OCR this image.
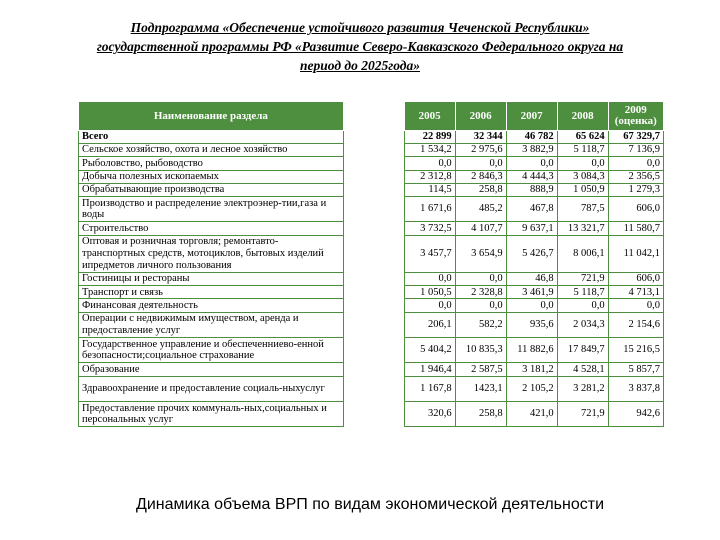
Подпрограмма «Обеспечение устойчивого развития Чеченской Республики»
государственной программы РФ «Развитие Северо-Кавказского Федерального округа на
период до 2025года»
Наименование раздела		2005	2006	2007	2008	2009
(оценка)
Всего		22 899	32 344	46 782	65 624	67 329,7
Сельское хозяйство, охота и лесное хозяйство		1 534,2	2 975,6	3 882,9	5 118,7	7 136,9
Рыболовство, рыбоводство		0,0	0,0	0,0	0,0	0,0
Добыча полезных ископаемых		2 312,8	2 846,3	4 444,3	3 084,3	2 356,5
Обрабатывающие производства		114,5	258,8	888,9	1 050,9	1 279,3
Производство и распределение электроэнер-тии,газа и воды		1 671,6	485,2	467,8	787,5	606,0
Строительство		3 732,5	4 107,7	9 637,1	13 321,7	11 580,7
Оптовая и розничная торговля; ремонтавто-транспортных средств, мотоциклов, бытовых изделий ипредметов личного пользования		3 457,7	3 654,9	5 426,7	8 006,1	11 042,1
Гостиницы и рестораны		0,0	0,0	46,8	721,9	606,0
Транспорт и связь		1 050,5	2 328,8	3 461,9	5 118,7	4 713,1
Финансовая деятельность		0,0	0,0	0,0	0,0	0,0
Операции с недвижимым имуществом, аренда и предоставление услуг		206,1	582,2	935,6	2 034,3	2 154,6
Государственное управление и обеспеченниево-енной безопасности;социальное страхование		5 404,2	10 835,3	11 882,6	17 849,7	15 216,5
Образование		1 946,4	2 587,5	3 181,2	4 528,1	5 857,7
Здравоохранение и предоставление социаль-ныхуслуг		1 167,8	1423,1	2 105,2	3 281,2	3 837,8
Предоставление прочих коммуналь-ных,социальных и персональных услуг		320,6	258,8	421,0	721,9	942,6
Динамика объема ВРП по видам экономической деятельности
